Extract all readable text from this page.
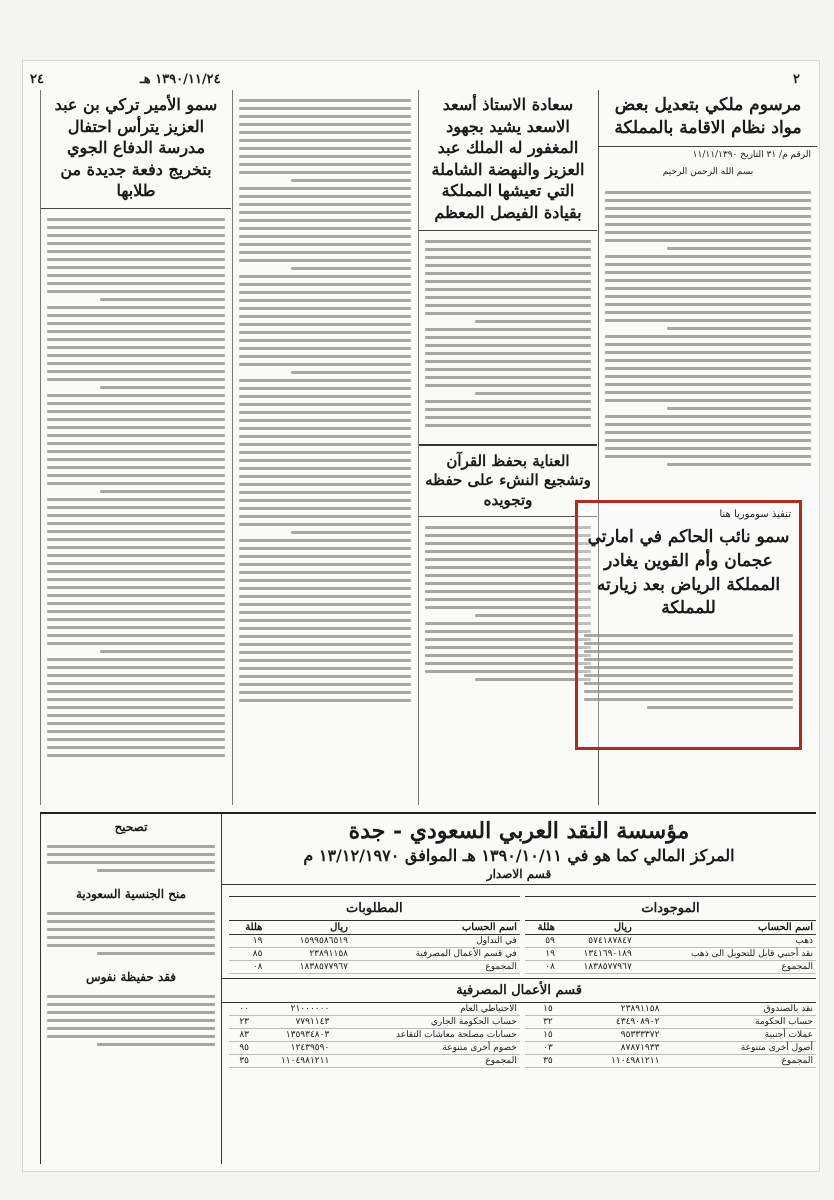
٢٤	١٣٩٠/١١/٢٤ هـ	٢
مرسوم ملكي بتعديل بعض مواد نظام الاقامة بالمملكة
الرقم م/ ٣١ التاريخ ١١/١١/١٣٩٠
بسم الله الرحمن الرحيم
سعادة الاستاذ أسعد الاسعد يشيد بجهود المغفور له الملك عبد العزيز والنهضة الشاملة التي تعيشها المملكة بقيادة الفيصل المعظم
العناية بحفظ القرآن وتشجيع النشء على حفظه وتجويده
سمو الأمير تركي بن عبد العزيز يترأس احتفال مدرسة الدفاع الجوي بتخريج دفعة جديدة من طلابها
تنفيذ سوموريا هنا
سمو نائب الحاكم في امارتي عجمان وأم القوين يغادر المملكة الرياض بعد زيارته للمملكة
مؤسسة النقد العربي السعودي - جدة
المركز المالي كما هو في ١٣٩٠/١٠/١١ هـ الموافق ١٣/١٢/١٩٧٠ م
قسم الاصدار
الموجودات
اسم الحساب	ريال	هللة
ذهب	٥٧٤١٨٧٨٤٧	٥٩
نقد أجنبي قابل للتحويل الى ذهب	١٣٤١٦٩٠١٨٩	١٩
المجموع	١٨٣٨٥٧٧٩٦٧	٠٨

المطلوبات
اسم الحساب	ريال	هللة
في التداول	١٥٩٩٥٨٦٥١٩	١٩
في قسم الأعمال المصرفية	٢٣٨٩١١٥٨	٨٥
المجموع	١٨٣٨٥٧٧٩٦٧	٠٨
قسم الأعمال المصرفية
نقد بالصندوق	٢٣٨٩١١٥٨	١٥
حساب الحكومة	٤٣٤٩٠٨٩٠٢	٣٢
عملات أجنبية	٩٥٣٣٣٣٧٢	١٥
أصول أخرى متنوعة	٨٧٨٧١٩٣٣	٠٣
المجموع	١١٠٤٩٨١٢١١	٣٥

الاحتياطي العام	٢١٠٠٠٠٠٠	٠٠
حساب الحكومة الجاري	٧٧٩١١٤٣	٢٣
حسابات مصلحة معاشات التقاعد	١٣٥٩٣٤٨٠٣	٨٣
خصوم أخرى متنوعة	١٢٤٣٩٥٩٠	٩٥
المجموع	١١٠٤٩٨١٢١١	٣٥
تصحيح
منح الجنسية السعودية
فقد حفيظة نفوس
